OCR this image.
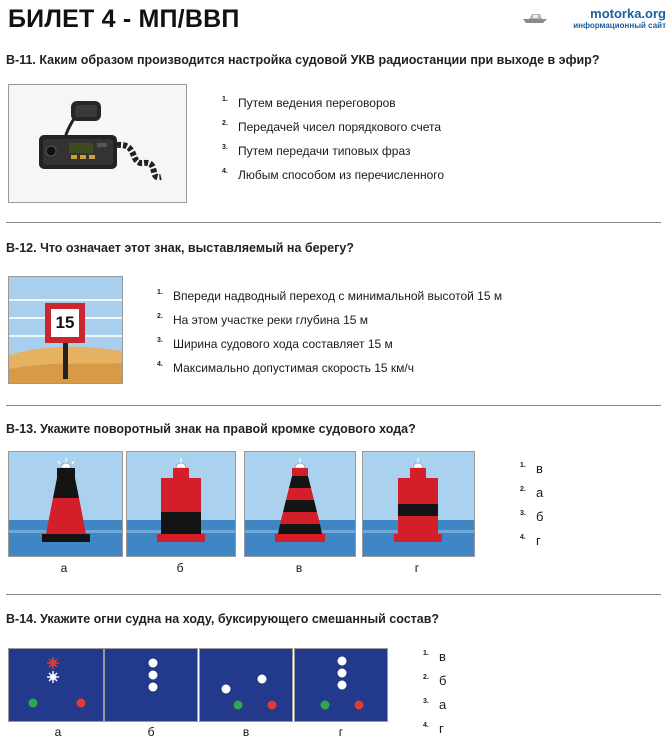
БИЛЕТ 4 - МП/ВВП	motorka.org
информационный сайт
В-11. Каким образом производится настройка судовой УКВ радиостанции при выходе в эфир?
1. Путем ведения переговоров
2. Передачей чисел порядкового счета
3. Путем передачи типовых фраз
4. Любым способом из перечисленного
В-12. Что означает этот знак, выставляемый на берегу?
15
1. Впереди надводный переход с минимальной высотой 15 м
2. На этом участке реки глубина 15 м
3. Ширина судового хода составляет 15 м
4. Максимально допустимая скорость 15 км/ч
В-13. Укажите поворотный знак на правой кромке судового хода?
а	б	в	г
1. в
2. а
3. б
4. г
В-14. Укажите огни судна на ходу, буксирующего смешанный состав?
а	б	в	г
1. в
2. б
3. а
4. г
